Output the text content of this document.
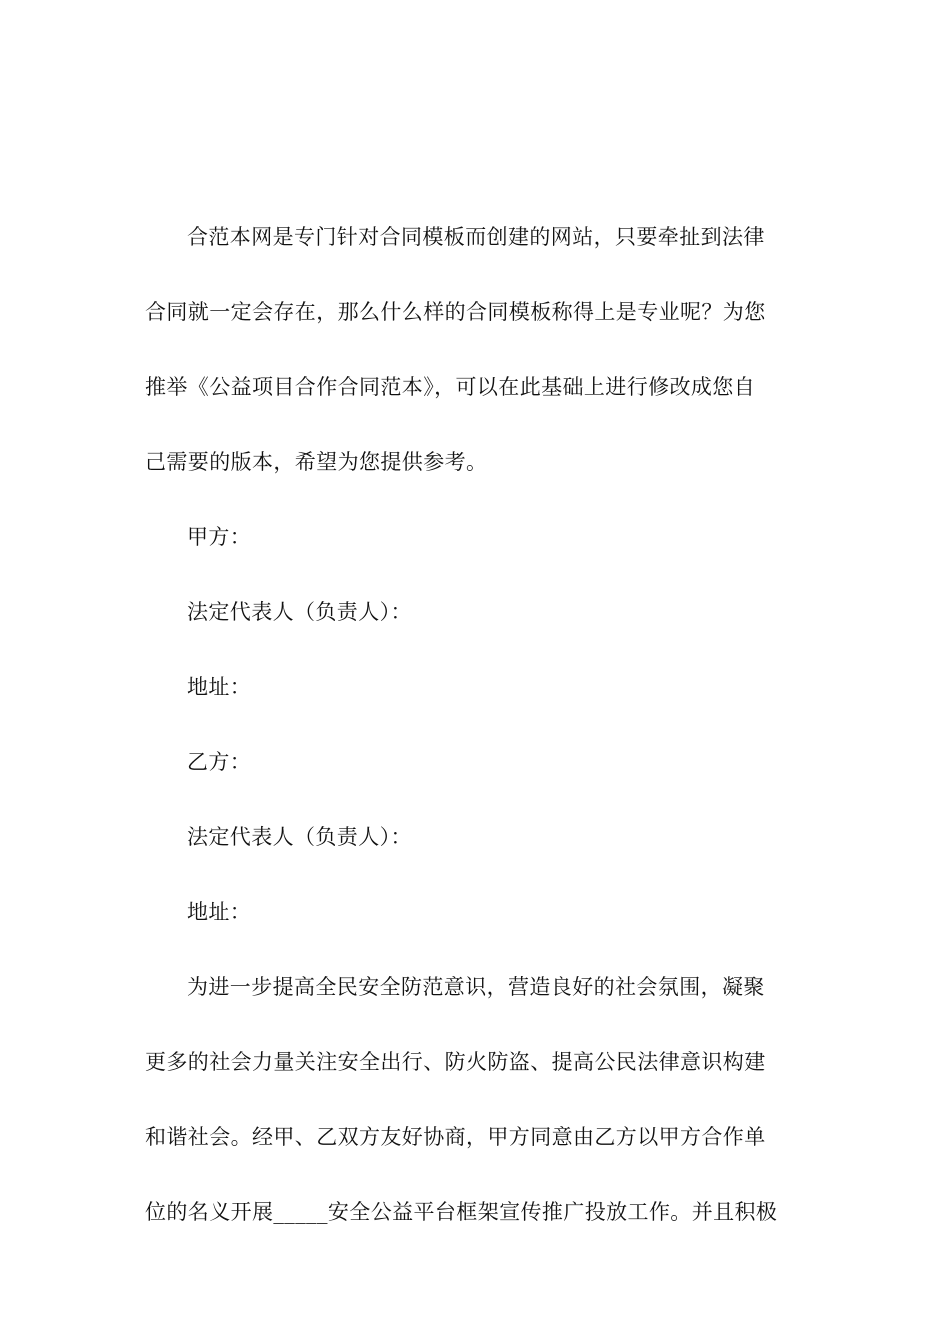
合范本网是专门针对合同模板而创建的网站，只要牵扯到法律
合同就一定会存在，那么什么样的合同模板称得上是专业呢？为您
推举《公益项目合作合同范本》，可以在此基础上进行修改成您自
己需要的版本，希望为您提供参考。
甲方：
法定代表人（负责人）：
地址：
乙方：
法定代表人（负责人）：
地址：
为进一步提高全民安全防范意识，营造良好的社会氛围，凝聚
更多的社会力量关注安全出行、防火防盗、提高公民法律意识构建
和谐社会。经甲、乙双方友好协商，甲方同意由乙方以甲方合作单
位的名义开展_____安全公益平台框架宣传推广投放工作。并且积极
